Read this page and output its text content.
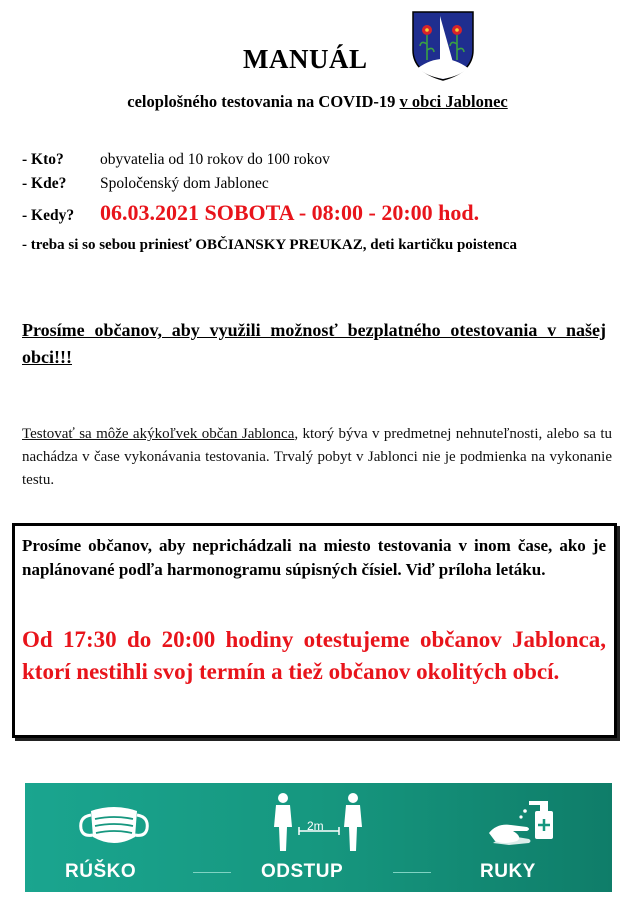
MANUÁL
celoplošného testovania na COVID-19 v obci Jablonec
- Kto? obyvatelia od 10 rokov do 100 rokov
- Kde? Spoločenský dom Jablonec
- Kedy? 06.03.2021 SOBOTA - 08:00 - 20:00 hod.
- treba si so sebou priniesť OBČIANSKY PREUKAZ, deti kartičku poistenca
Prosíme občanov, aby využili možnosť bezplatného otestovania v našej obci!!!
Testovať sa môže akýkoľvek občan Jablonca, ktorý býva v predmetnej nehnuteľnosti, alebo sa tu nachádza v čase vykonávania testovania. Trvalý pobyt v Jablonci nie je podmienka na vykonanie testu.
Prosíme občanov, aby neprichádzali na miesto testovania v inom čase, ako je naplánované podľa harmonogramu súpisných čísiel. Viď príloha letáku.
Od 17:30 do 20:00 hodiny otestujeme občanov Jablonca, ktorí nestihli svoj termín a tiež občanov okolitých obcí.
RÚŠKO
2m
ODSTUP	RUKY
